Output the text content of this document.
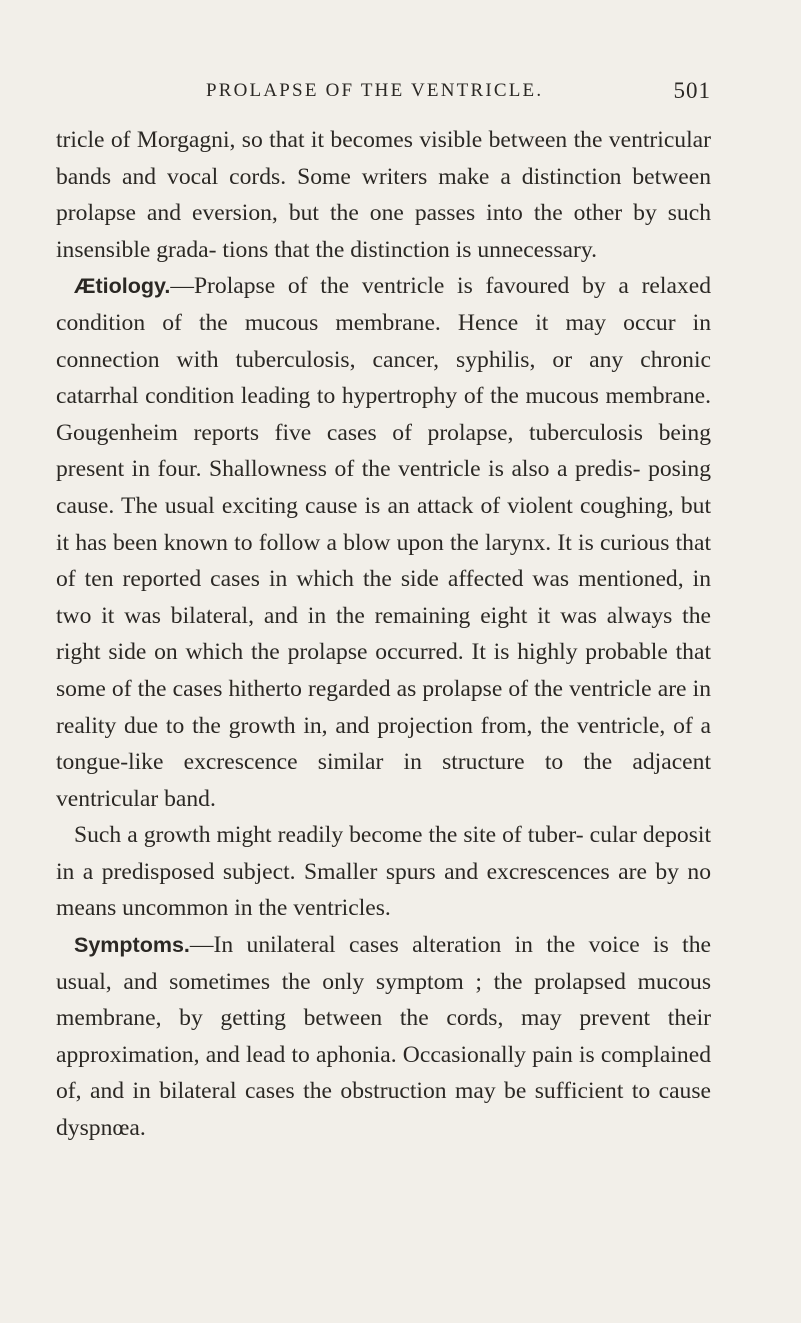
PROLAPSE OF THE VENTRICLE.	501

tricle of Morgagni, so that it becomes visible between the ventricular bands and vocal cords. Some writers make a distinction between prolapse and eversion, but the one passes into the other by such insensible grada- tions that the distinction is unnecessary.

Ætiology.—Prolapse of the ventricle is favoured by a relaxed condition of the mucous membrane. Hence it may occur in connection with tuberculosis, cancer, syphilis, or any chronic catarrhal condition leading to hypertrophy of the mucous membrane. Gougenheim reports five cases of prolapse, tuberculosis being present in four. Shallowness of the ventricle is also a predis- posing cause. The usual exciting cause is an attack of violent coughing, but it has been known to follow a blow upon the larynx. It is curious that of ten reported cases in which the side affected was mentioned, in two it was bilateral, and in the remaining eight it was always the right side on which the prolapse occurred. It is highly probable that some of the cases hitherto regarded as prolapse of the ventricle are in reality due to the growth in, and projection from, the ventricle, of a tongue-like excrescence similar in structure to the adjacent ventricular band.

Such a growth might readily become the site of tuber- cular deposit in a predisposed subject. Smaller spurs and excrescences are by no means uncommon in the ventricles.

Symptoms.—In unilateral cases alteration in the voice is the usual, and sometimes the only symptom ; the prolapsed mucous membrane, by getting between the cords, may prevent their approximation, and lead to aphonia. Occasionally pain is complained of, and in bilateral cases the obstruction may be sufficient to cause dyspnœa.
